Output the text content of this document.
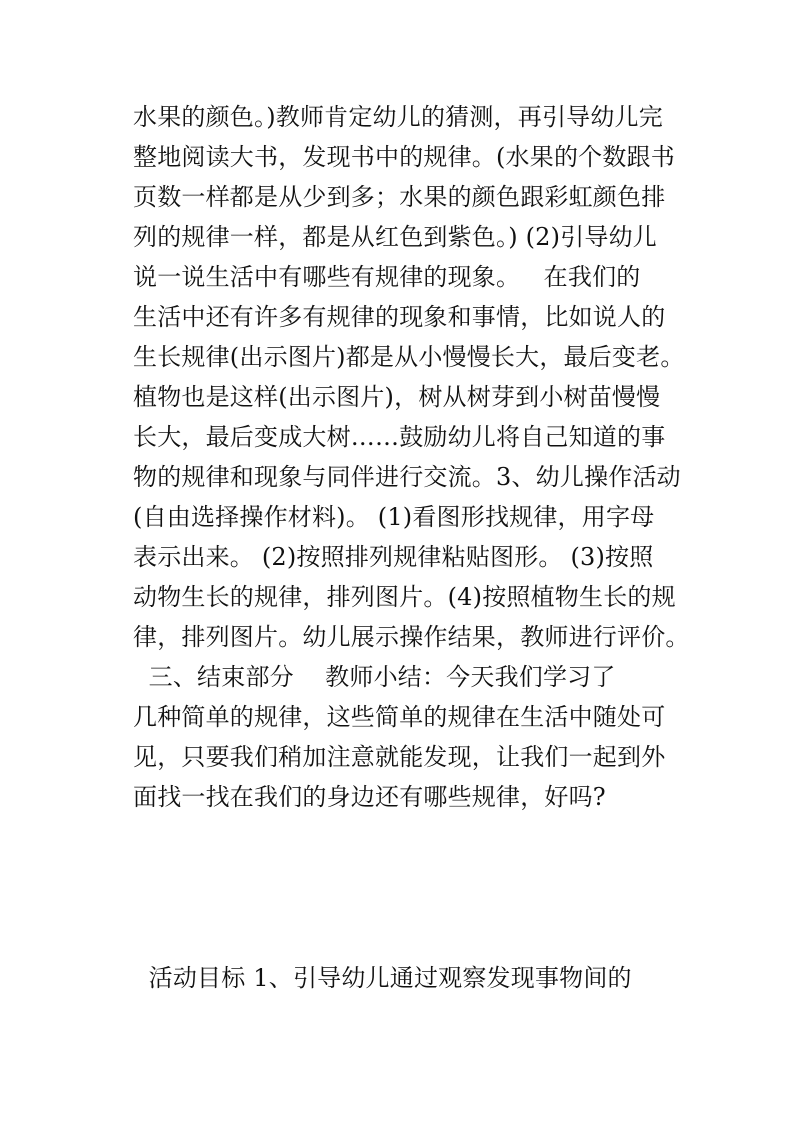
水果的颜色。)教师肯定幼儿的猜测，再引导幼儿完
整地阅读大书，发现书中的规律。(水果的个数跟书
页数一样都是从少到多；水果的颜色跟彩虹颜色排
列的规律一样，都是从红色到紫色。) (2)引导幼儿
说一说生活中有哪些有规律的现象。   在我们的
生活中还有许多有规律的现象和事情，比如说人的
生长规律(出示图片)都是从小慢慢长大，最后变老。
植物也是这样(出示图片)，树从树芽到小树苗慢慢
长大，最后变成大树……鼓励幼儿将自己知道的事
物的规律和现象与同伴进行交流。3、幼儿操作活动
(自由选择操作材料)。 (1)看图形找规律，用字母
表示出来。 (2)按照排列规律粘贴图形。 (3)按照
动物生长的规律，排列图片。(4)按照植物生长的规
律，排列图片。幼儿展示操作结果，教师进行评价。
三、结束部分    教师小结：今天我们学习了
几种简单的规律，这些简单的规律在生活中随处可
见，只要我们稍加注意就能发现，让我们一起到外
面找一找在我们的身边还有哪些规律，好吗?
活动目标 1、引导幼儿通过观察发现事物间的
